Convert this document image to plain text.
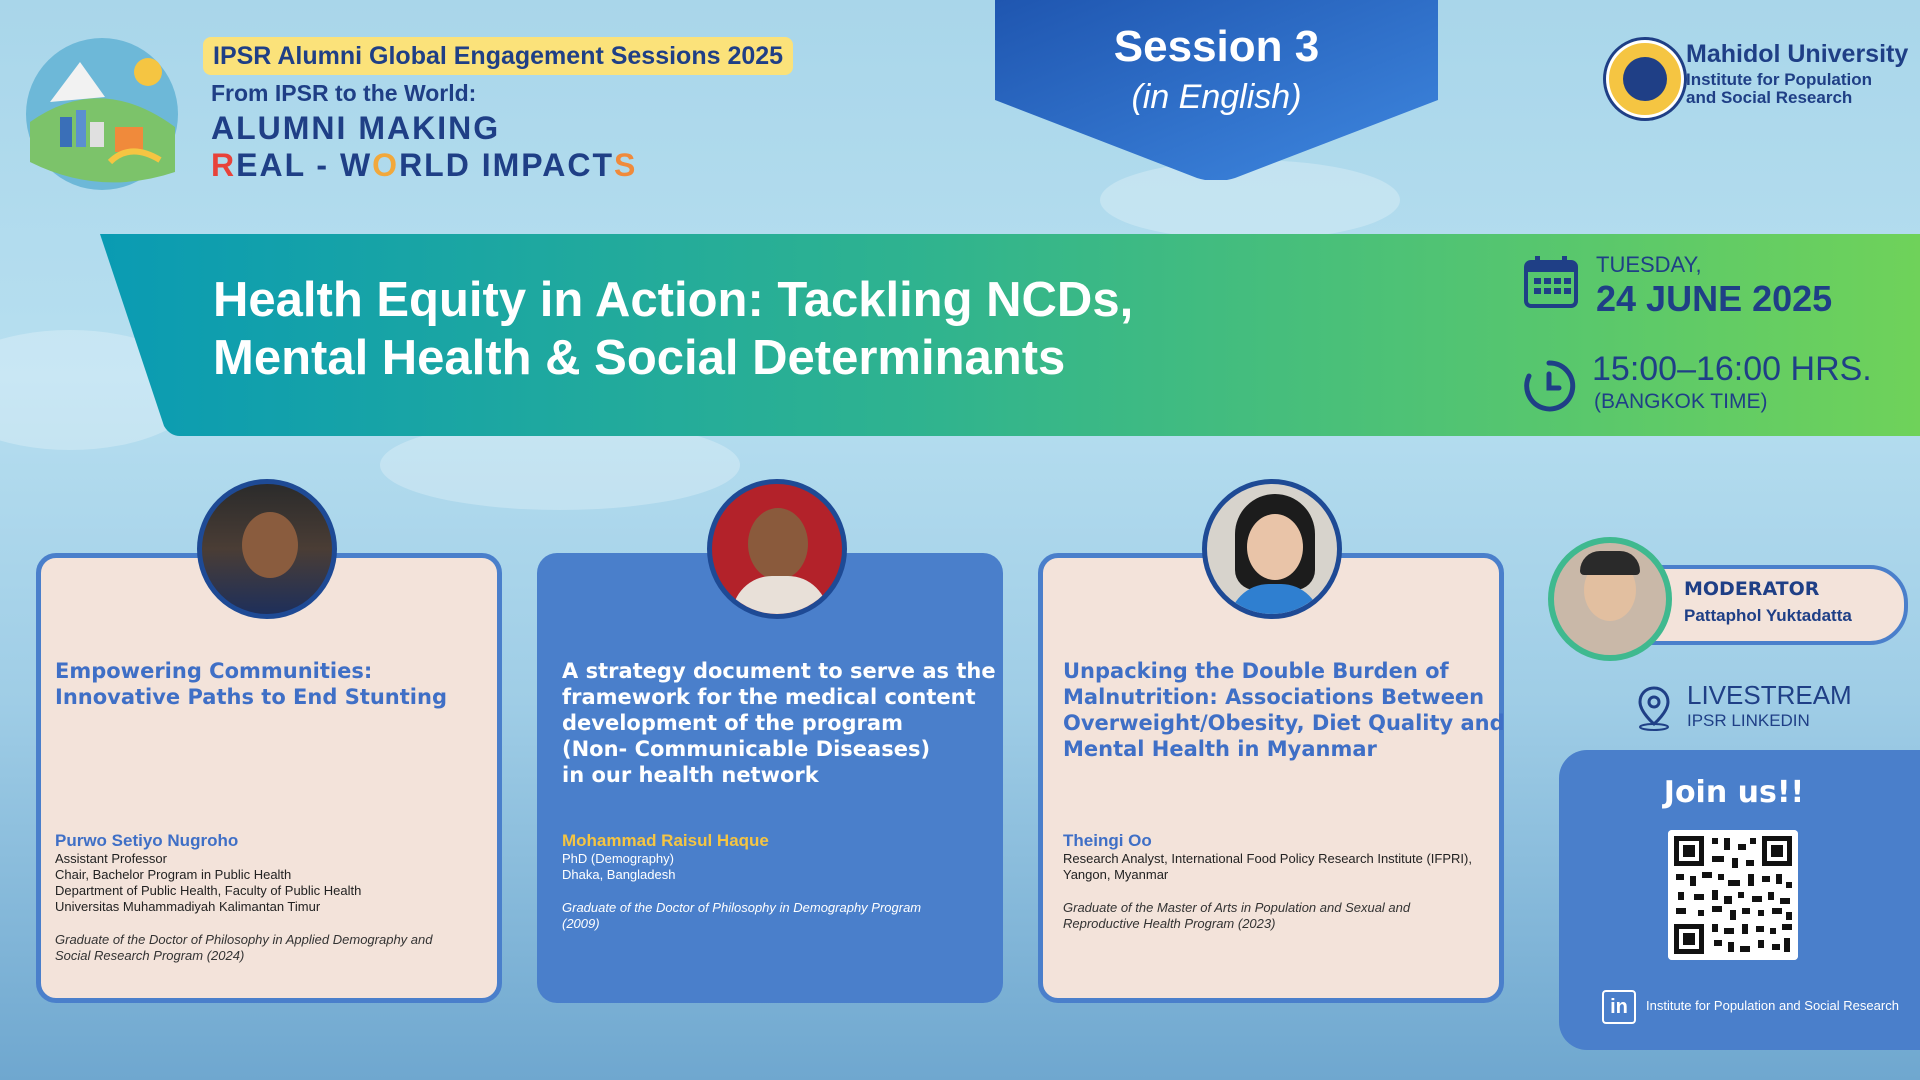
IPSR Alumni Global Engagement Sessions 2025
From IPSR to the World:
ALUMNI MAKING
REAL - WORLD IMPACTS
Session 3
(in English)
Mahidol University
Institute for Population
and Social Research
Health Equity in Action: Tackling NCDs,
Mental Health & Social Determinants
TUESDAY,
24 JUNE 2025
15:00–16:00 HRS.
(BANGKOK TIME)
Empowering Communities:
Innovative Paths to End Stunting
Purwo Setiyo Nugroho
Assistant Professor
Chair, Bachelor Program in Public Health
Department of Public Health, Faculty of Public Health
Universitas Muhammadiyah Kalimantan Timur
Graduate of the Doctor of Philosophy in Applied Demography and
Social Research Program (2024)
A strategy document to serve as the
framework for the medical content
development of the program
(Non- Communicable Diseases)
in our health network
Mohammad Raisul Haque
PhD (Demography)
Dhaka, Bangladesh
Graduate of the Doctor of Philosophy in Demography Program
(2009)
Unpacking the Double Burden of
Malnutrition: Associations Between
Overweight/Obesity, Diet Quality and
Mental Health in Myanmar
Theingi Oo
Research Analyst, International Food Policy Research Institute (IFPRI),
Yangon, Myanmar
Graduate of the Master of Arts in Population and Sexual and
Reproductive Health Program (2023)
MODERATOR
Pattaphol Yuktadatta
LIVESTREAM
IPSR LINKEDIN
Join us!!
in	Institute for Population and Social Research
